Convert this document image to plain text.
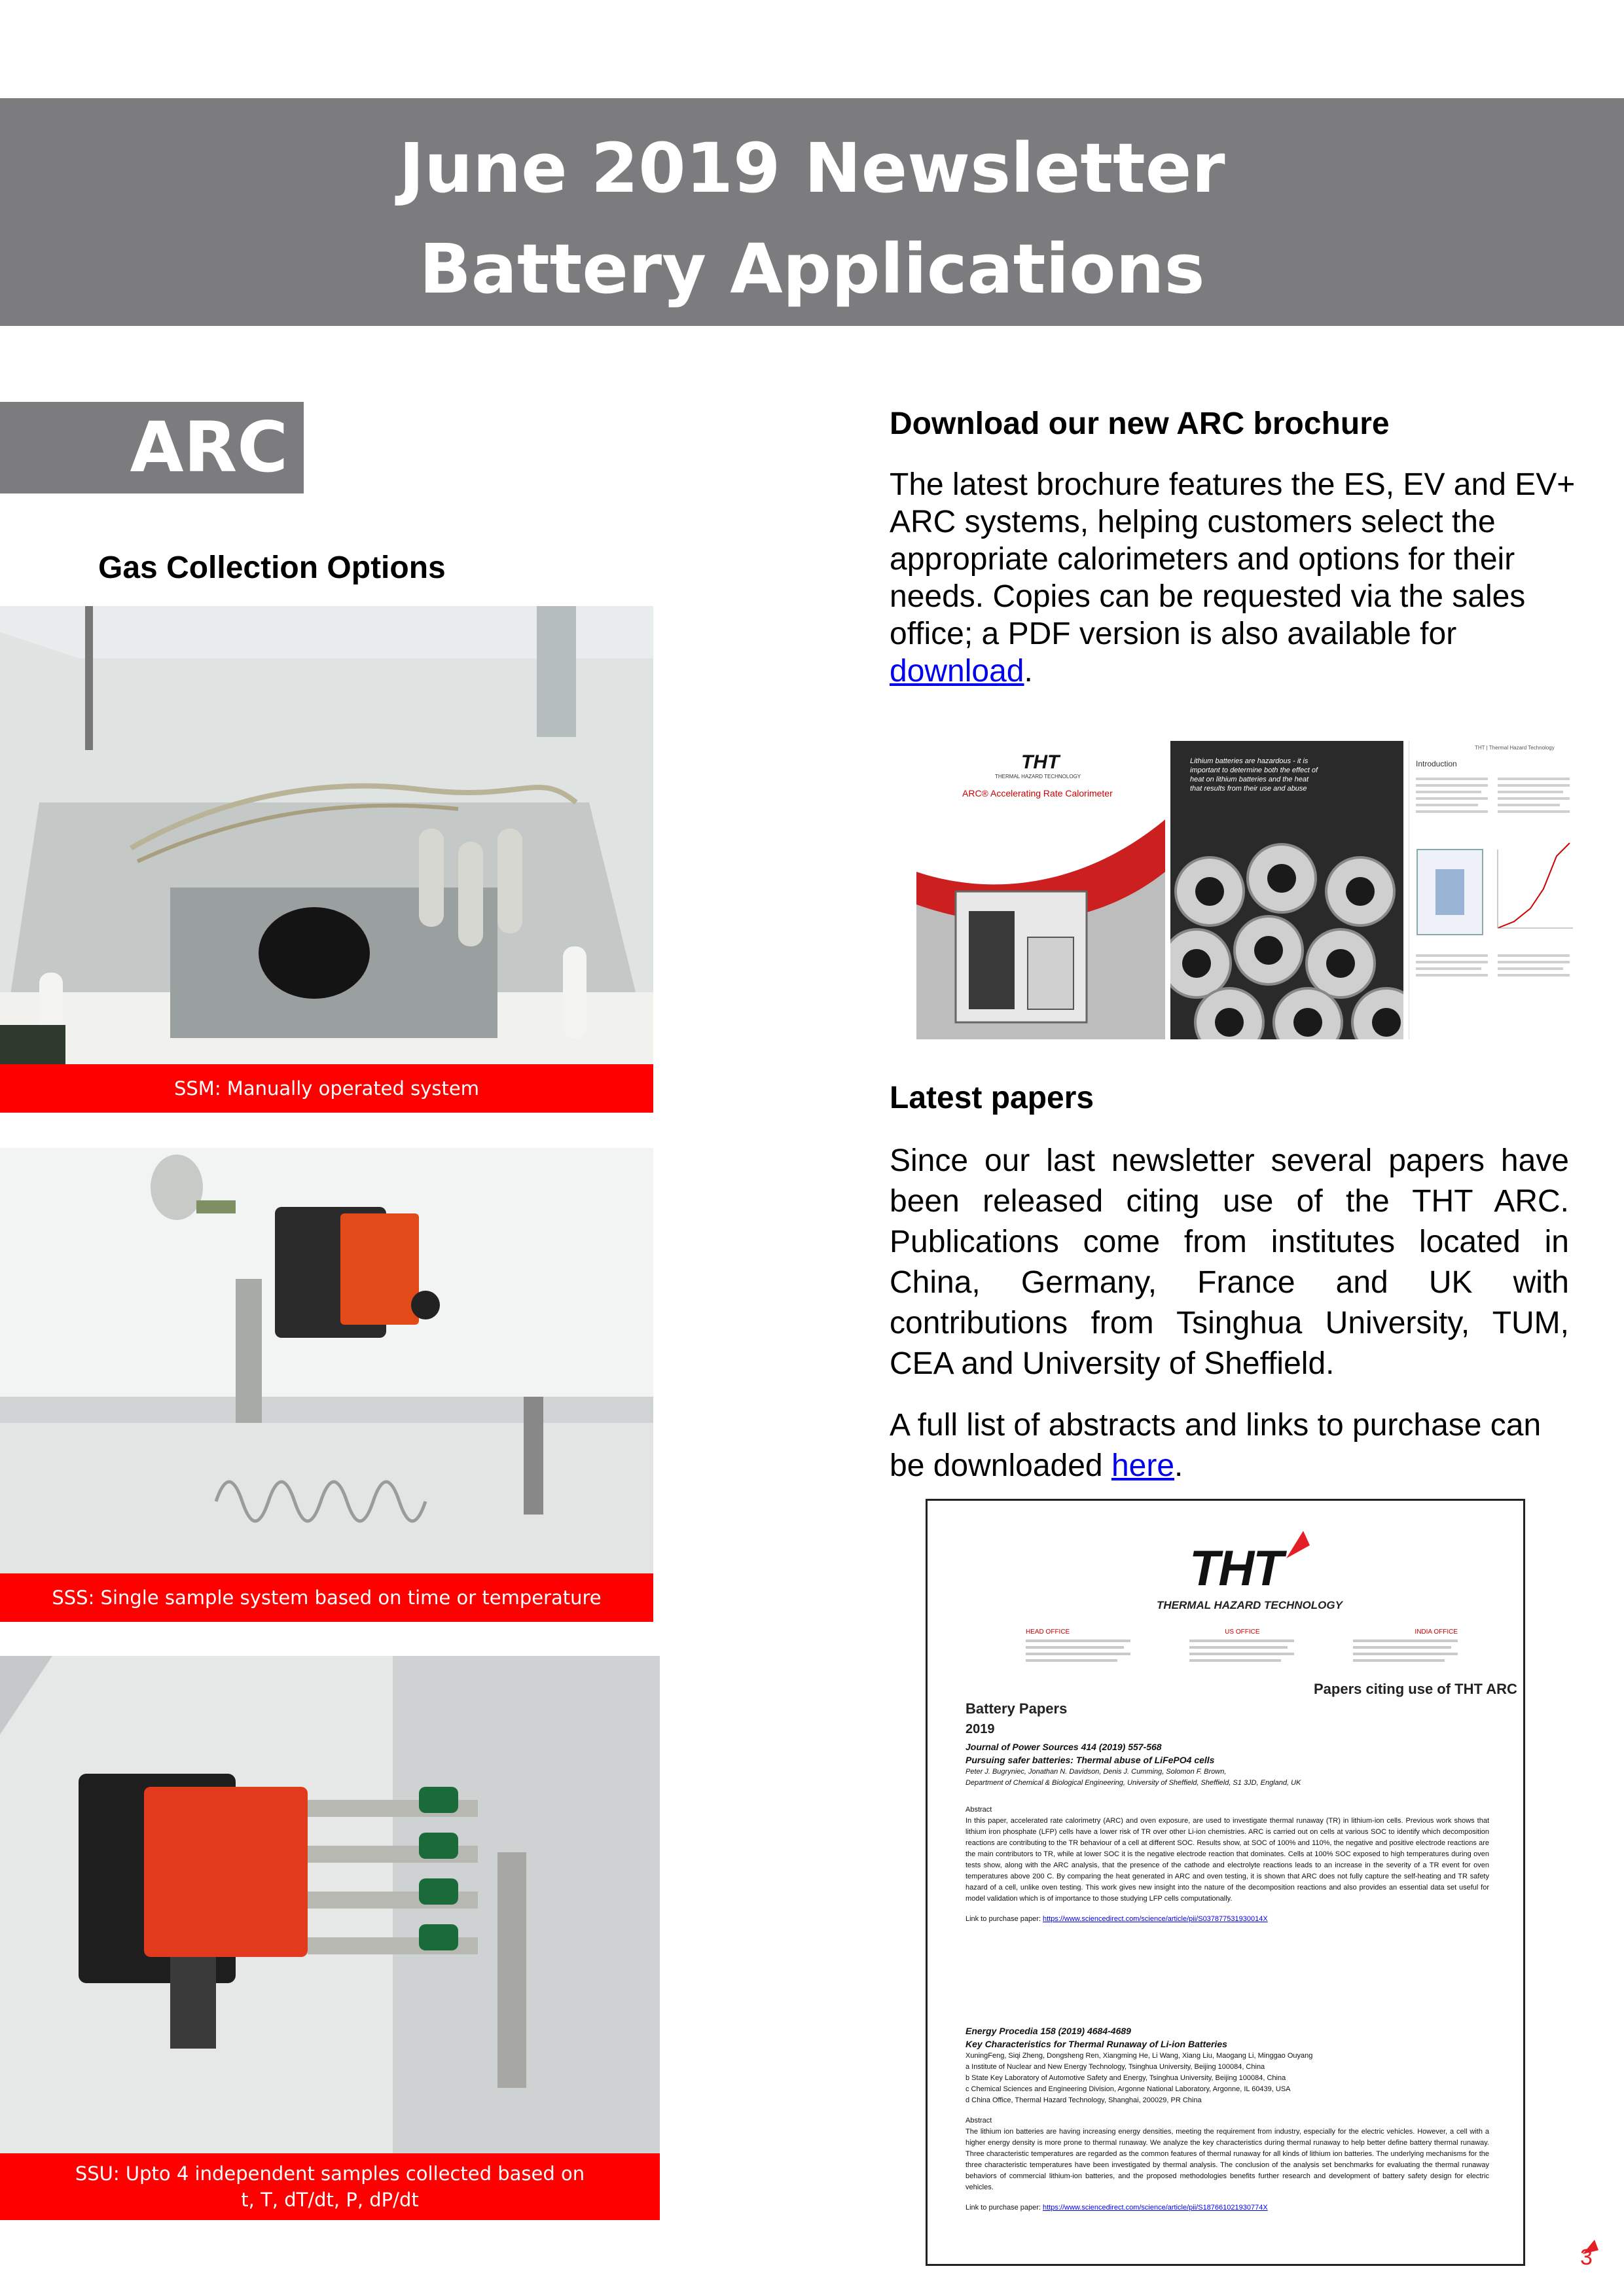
June 2019 Newsletter
Battery Applications
ARC
Gas Collection Options
SSM: Manually operated system
SSS: Single sample system based on time or temperature
SSU: Upto 4 independent samples collected based on
t, T, dT/dt, P, dP/dt
Download our new ARC brochure
The latest brochure features the ES, EV and EV+ ARC systems, helping customers select the appropriate calorimeters and options for their needs. Copies can be requested via the sales office; a PDF version is also available for download.
THT
THERMAL HAZARD TECHNOLOGY
ARC® Accelerating Rate Calorimeter
Lithium batteries are hazardous - it is important to determine both the effect of heat on lithium batteries and the heat that results from their use and abuse
THT | Thermal Hazard Technology
Introduction
Latest papers
Since our last newsletter several papers have been released citing use of the THT ARC. Publications come from institutes located in China, Germany, France and UK with contributions from Tsinghua University, TUM, CEA and University of Sheffield.
A full list of abstracts and links to purchase can be downloaded here.
THT
THERMAL HAZARD TECHNOLOGY
HEAD OFFICE	US OFFICE	INDIA OFFICE
Papers citing use of THT ARC
Battery Papers
2019
Journal of Power Sources 414 (2019) 557-568
Pursuing safer batteries: Thermal abuse of LiFePO4 cells
Peter J. Bugryniec, Jonathan N. Davidson, Denis J. Cumming, Solomon F. Brown,
Department of Chemical & Biological Engineering, University of Sheffield, Sheffield, S1 3JD, England, UK
Abstract
In this paper, accelerated rate calorimetry (ARC) and oven exposure, are used to investigate thermal runaway (TR) in lithium-ion cells. Previous work shows that lithium iron phosphate (LFP) cells have a lower risk of TR over other Li-ion chemistries. ARC is carried out on cells at various SOC to identify which decomposition reactions are contributing to the TR behaviour of a cell at different SOC. Results show, at SOC of 100% and 110%, the negative and positive electrode reactions are the main contributors to TR, while at lower SOC it is the negative electrode reaction that dominates. Cells at 100% SOC exposed to high temperatures during oven tests show, along with the ARC analysis, that the presence of the cathode and electrolyte reactions leads to an increase in the severity of a TR event for oven temperatures above 200 C. By comparing the heat generated in ARC and oven testing, it is shown that ARC does not fully capture the self-heating and TR safety hazard of a cell, unlike oven testing. This work gives new insight into the nature of the decomposition reactions and also provides an essential data set useful for model validation which is of importance to those studying LFP cells computationally.
Link to purchase paper: https://www.sciencedirect.com/science/article/pii/S037877531930014X
Energy Procedia 158 (2019) 4684-4689
Key Characteristics for Thermal Runaway of Li-ion Batteries
XuningFeng, Siqi Zheng, Dongsheng Ren, Xiangming He, Li Wang, Xiang Liu, Maogang Li, Minggao Ouyang
a Institute of Nuclear and New Energy Technology, Tsinghua University, Beijing 100084, China
b State Key Laboratory of Automotive Safety and Energy, Tsinghua University, Beijing 100084, China
c Chemical Sciences and Engineering Division, Argonne National Laboratory, Argonne, IL 60439, USA
d China Office, Thermal Hazard Technology, Shanghai, 200029, PR China
Abstract
The lithium ion batteries are having increasing energy densities, meeting the requirement from industry, especially for the electric vehicles. However, a cell with a higher energy density is more prone to thermal runaway. We analyze the key characteristics during thermal runaway to help better define battery thermal runaway. Three characteristic temperatures are regarded as the common features of thermal runaway for all kinds of lithium ion batteries. The underlying mechanisms for the three characteristic temperatures have been investigated by thermal analysis. The conclusion of the analysis set benchmarks for evaluating the thermal runaway behaviors of commercial lithium-ion batteries, and the proposed methodologies benefits further research and development of battery safety design for electric vehicles.
Link to purchase paper: https://www.sciencedirect.com/science/article/pii/S187661021930774X
3
